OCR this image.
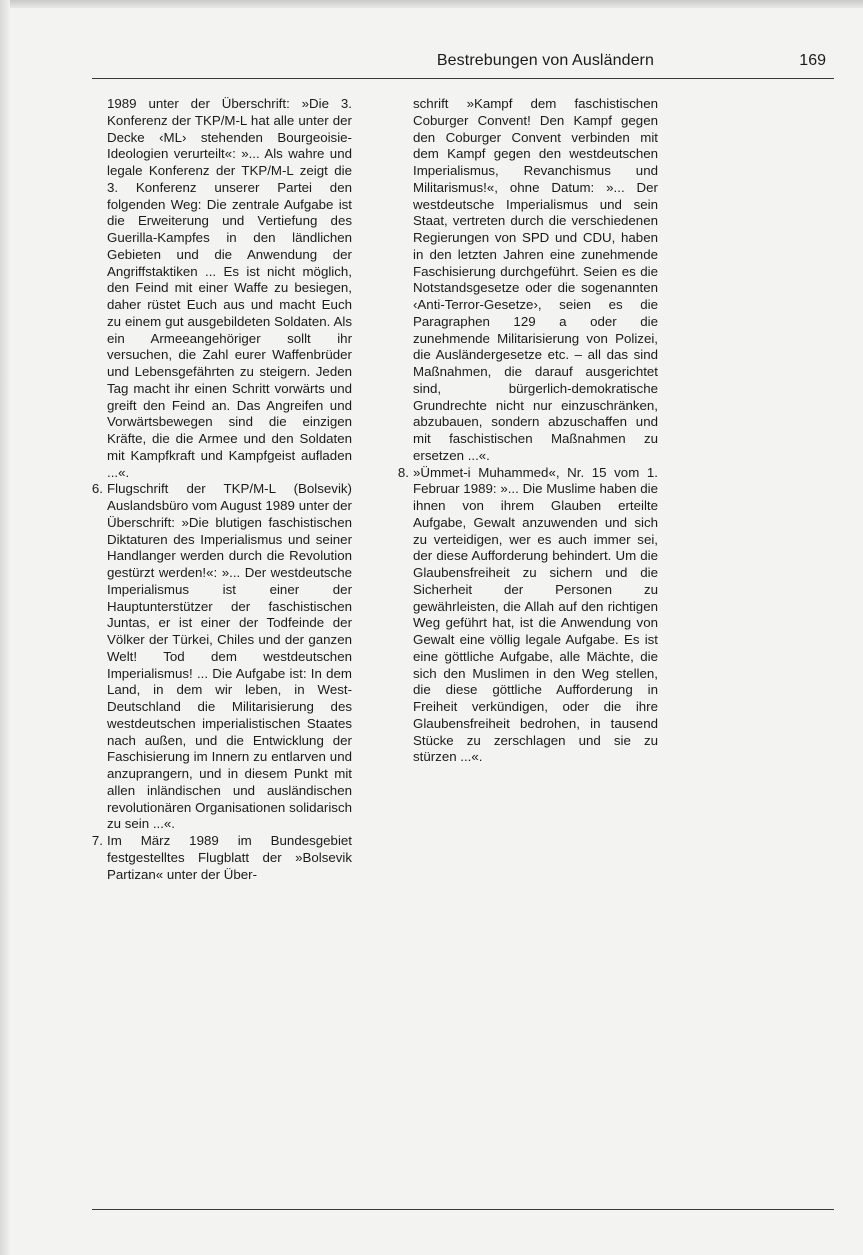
Bestrebungen von Ausländern	169

1989 unter der Überschrift: »Die 3. Konferenz der TKP/M-L hat alle unter der Decke ‹ML› stehenden Bourgeoisie-Ideologien verurteilt«: »... Als wahre und legale Konferenz der TKP/M-L zeigt die 3. Konferenz unserer Partei den folgenden Weg: Die zentrale Aufgabe ist die Erweiterung und Vertiefung des Guerilla-Kampfes in den ländlichen Gebieten und die Anwendung der Angriffstaktiken ... Es ist nicht möglich, den Feind mit einer Waffe zu besiegen, daher rüstet Euch aus und macht Euch zu einem gut ausgebildeten Soldaten. Als ein Armeeangehöriger sollt ihr versuchen, die Zahl eurer Waffenbrüder und Lebensgefährten zu steigern. Jeden Tag macht ihr einen Schritt vorwärts und greift den Feind an. Das Angreifen und Vorwärtsbewegen sind die einzigen Kräfte, die die Armee und den Soldaten mit Kampfkraft und Kampfgeist aufladen ...«.

6. Flugschrift der TKP/M-L (Bolsevik) Auslandsbüro vom August 1989 unter der Überschrift: »Die blutigen faschistischen Diktaturen des Imperialismus und seiner Handlanger werden durch die Revolution gestürzt werden!«: »... Der westdeutsche Imperialismus ist einer der Hauptunterstützer der faschistischen Juntas, er ist einer der Todfeinde der Völker der Türkei, Chiles und der ganzen Welt! Tod dem westdeutschen Imperialismus! ... Die Aufgabe ist: In dem Land, in dem wir leben, in West-Deutschland die Militarisierung des westdeutschen imperialistischen Staates nach außen, und die Entwicklung der Faschisierung im Innern zu entlarven und anzuprangern, und in diesem Punkt mit allen inländischen und ausländischen revolutionären Organisationen solidarisch zu sein ...«.

7. Im März 1989 im Bundesgebiet festgestelltes Flugblatt der »Bolsevik Partizan« unter der Über-

schrift »Kampf dem faschistischen Coburger Convent! Den Kampf gegen den Coburger Convent verbinden mit dem Kampf gegen den westdeutschen Imperialismus, Revanchismus und Militarismus!«, ohne Datum: »... Der westdeutsche Imperialismus und sein Staat, vertreten durch die verschiedenen Regierungen von SPD und CDU, haben in den letzten Jahren eine zunehmende Faschisierung durchgeführt. Seien es die Notstandsgesetze oder die sogenannten ‹Anti-Terror-Gesetze›, seien es die Paragraphen 129 a oder die zunehmende Militarisierung von Polizei, die Ausländergesetze etc. – all das sind Maßnahmen, die darauf ausgerichtet sind, bürgerlich-demokratische Grundrechte nicht nur einzuschränken, abzubauen, sondern abzuschaffen und mit faschistischen Maßnahmen zu ersetzen ...«.

8. »Ümmet-i Muhammed«, Nr. 15 vom 1. Februar 1989: »... Die Muslime haben die ihnen von ihrem Glauben erteilte Aufgabe, Gewalt anzuwenden und sich zu verteidigen, wer es auch immer sei, der diese Aufforderung behindert. Um die Glaubensfreiheit zu sichern und die Sicherheit der Personen zu gewährleisten, die Allah auf den richtigen Weg geführt hat, ist die Anwendung von Gewalt eine völlig legale Aufgabe. Es ist eine göttliche Aufgabe, alle Mächte, die sich den Muslimen in den Weg stellen, die diese göttliche Aufforderung in Freiheit verkündigen, oder die ihre Glaubensfreiheit bedrohen, in tausend Stücke zu zerschlagen und sie zu stürzen ...«.
